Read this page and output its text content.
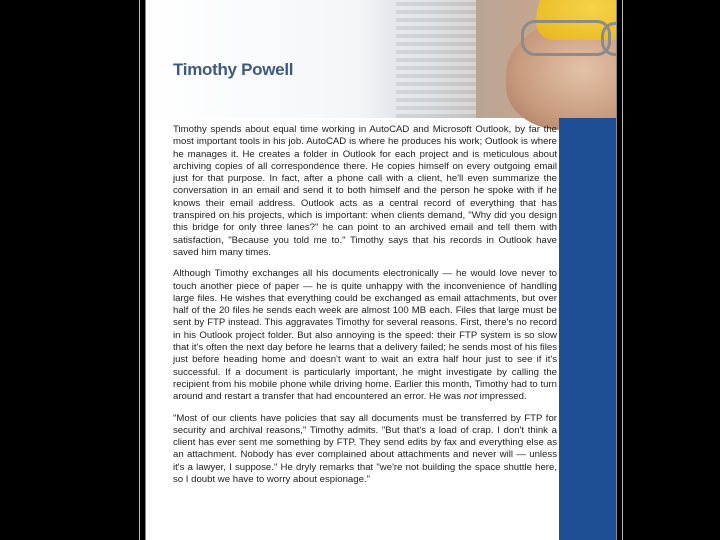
Timothy Powell

Timothy spends about equal time working in AutoCAD and Microsoft Outlook, by far the most important tools in his job. AutoCAD is where he produces his work; Outlook is where he manages it. He creates a folder in Outlook for each project and is meticulous about archiving copies of all correspondence there. He copies himself on every outgoing email just for that purpose. In fact, after a phone call with a client, he'll even summarize the conversation in an email and send it to both himself and the person he spoke with if he knows their email address. Outlook acts as a central record of everything that has transpired on his projects, which is important: when clients demand, "Why did you design this bridge for only three lanes?" he can point to an archived email and tell them with satisfaction, "Because you told me to." Timothy says that his records in Outlook have saved him many times.

Although Timothy exchanges all his documents electronically — he would love never to touch another piece of paper — he is quite unhappy with the inconvenience of handling large files. He wishes that everything could be exchanged as email attachments, but over half of the 20 files he sends each week are almost 100 MB each. Files that large must be sent by FTP instead. This aggravates Timothy for several reasons. First, there's no record in his Outlook project folder. But also annoying is the speed: their FTP system is so slow that it's often the next day before he learns that a delivery failed; he sends most of his files just before heading home and doesn't want to wait an extra half hour just to see if it's successful. If a document is particularly important, he might investigate by calling the recipient from his mobile phone while driving home. Earlier this month, Timothy had to turn around and restart a transfer that had encountered an error. He was not impressed.

"Most of our clients have policies that say all documents must be transferred by FTP for security and archival reasons," Timothy admits. "But that's a load of crap. I don't think a client has ever sent me something by FTP. They send edits by fax and everything else as an attachment. Nobody has ever complained about attachments and never will — unless it's a lawyer, I suppose." He dryly remarks that "we're not building the space shuttle here, so I doubt we have to worry about espionage."
